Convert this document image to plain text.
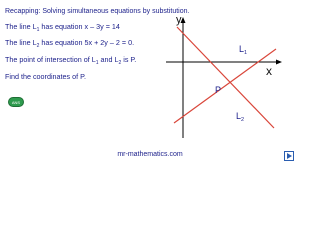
Recapping: Solving simultaneous equations by substitution.
The line $L_1$ has equation x – 3y = 14
The line $L_2$ has equation 5x + 2y – 2 = 0.
The point of intersection of $L_1$ and $L_2$ is P.
Find the coordinates of P.
ANS
y
x
$L_1$
$L_2$
P
mr-mathematics.com
